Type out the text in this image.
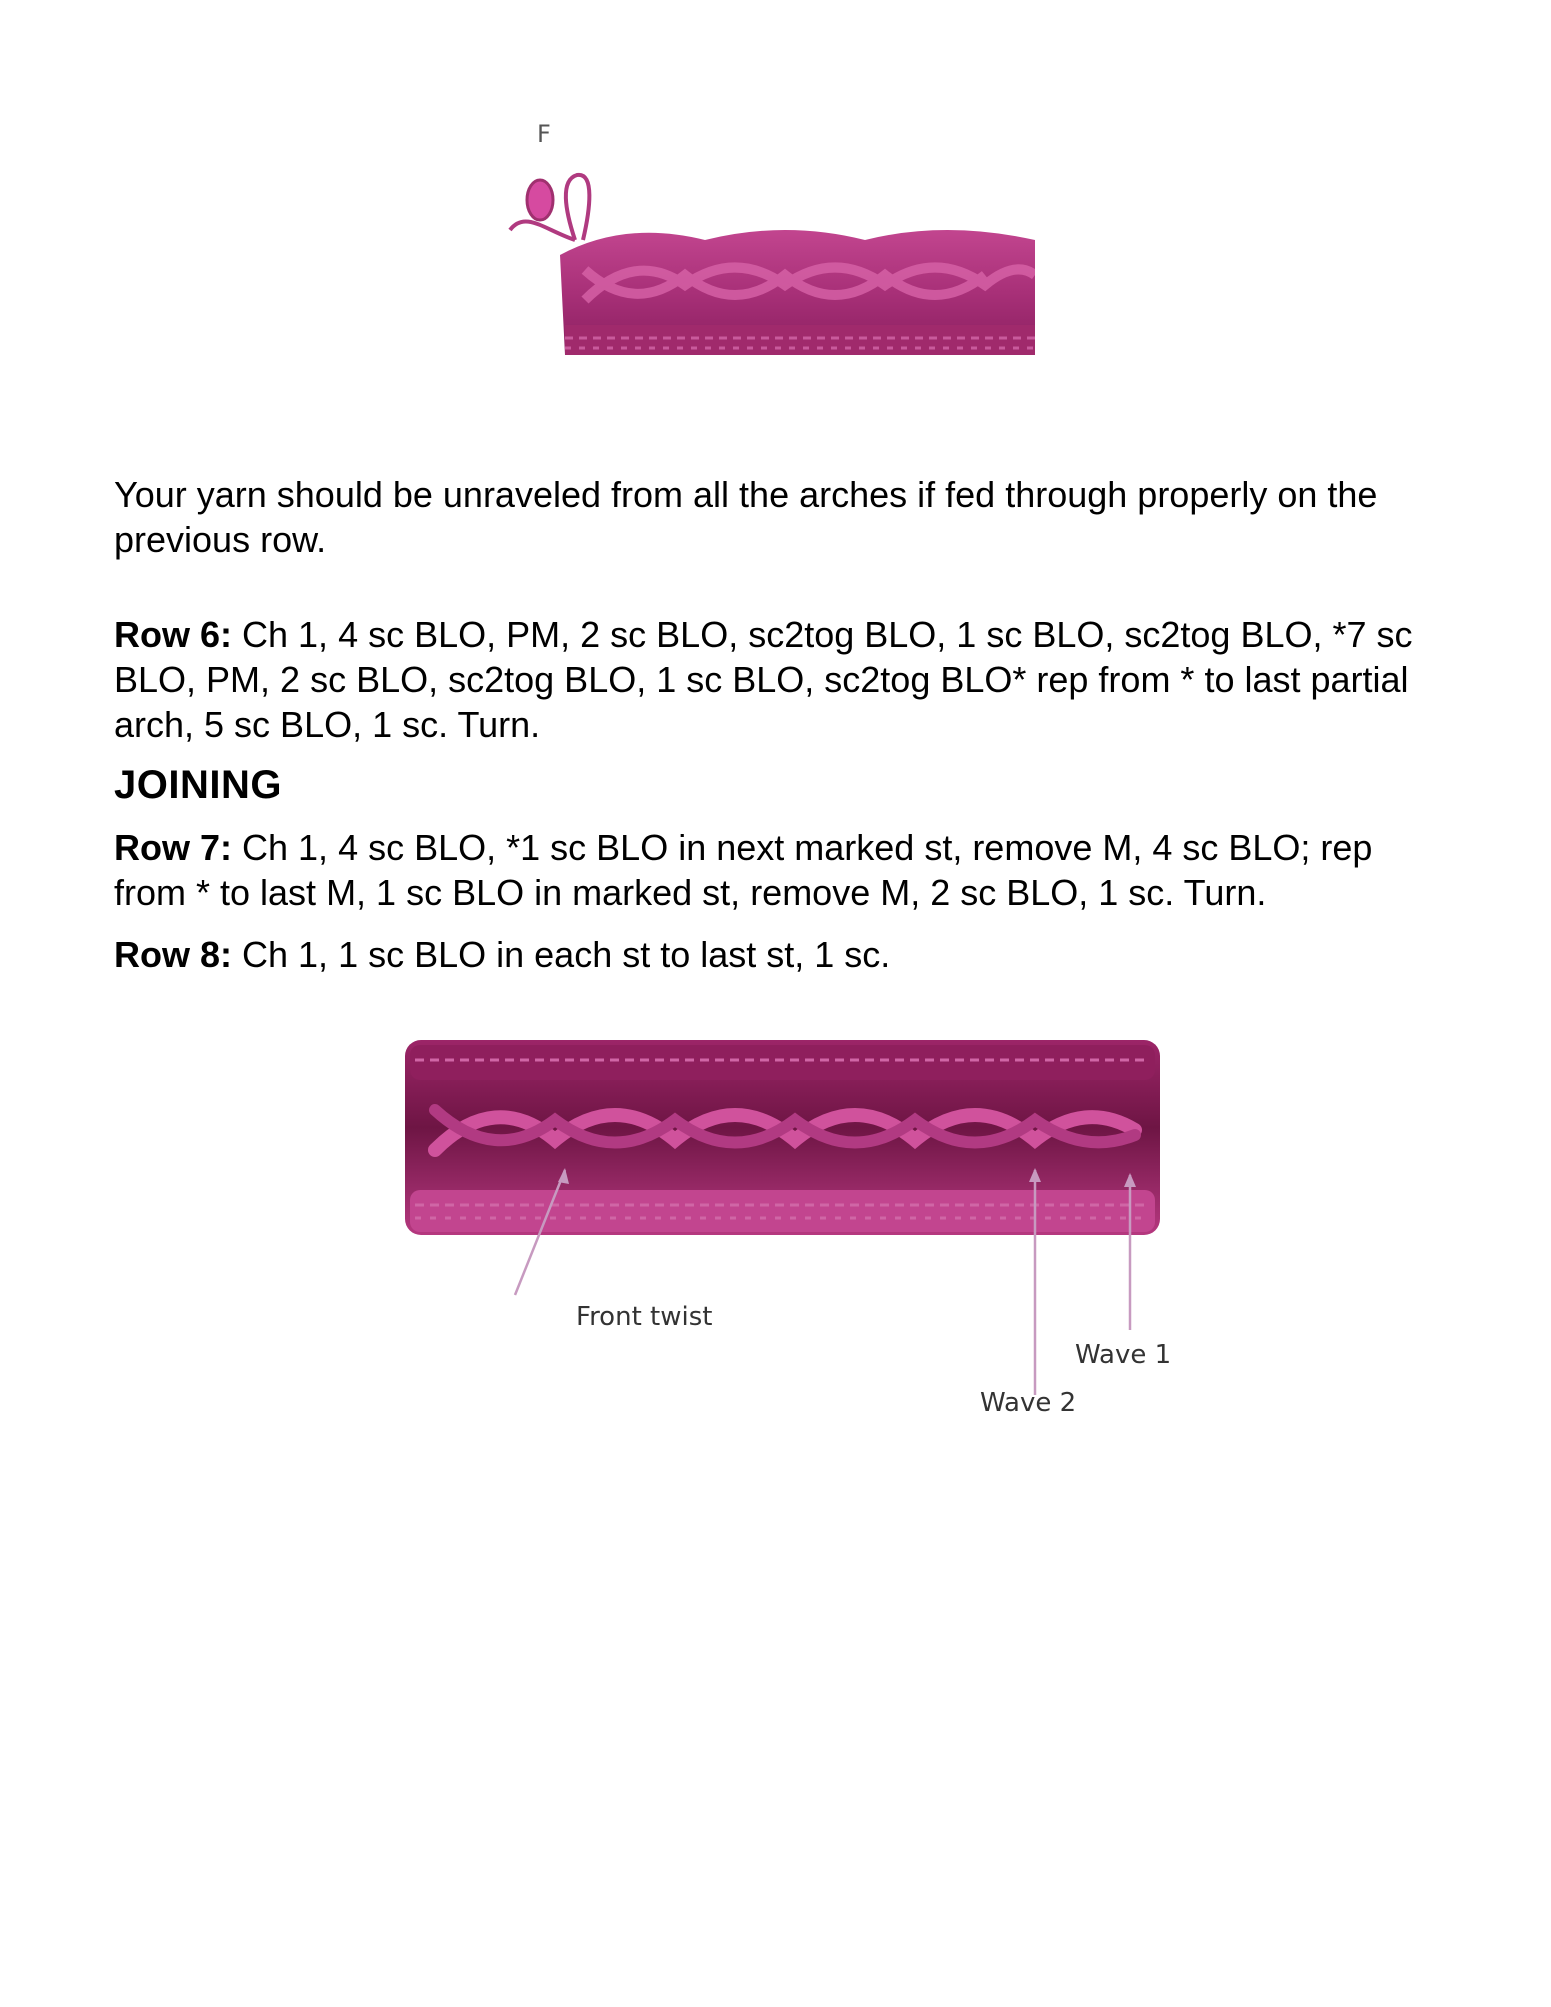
F

Your yarn should be unraveled from all the arches if fed through properly on the previous row.

Row 6: Ch 1, 4 sc BLO, PM, 2 sc BLO, sc2tog BLO, 1 sc BLO, sc2tog BLO, *7 sc BLO, PM, 2 sc BLO, sc2tog BLO, 1 sc BLO, sc2tog BLO* rep from * to last partial arch, 5 sc BLO, 1 sc. Turn.

JOINING

Row 7: Ch 1, 4 sc BLO, *1 sc BLO in next marked st, remove M, 4 sc BLO; rep from * to last M, 1 sc BLO in marked st, remove M, 2 sc BLO, 1 sc. Turn.

Row 8: Ch 1, 1 sc BLO in each st to last st, 1 sc.

Front twist
Wave 1
Wave 2
